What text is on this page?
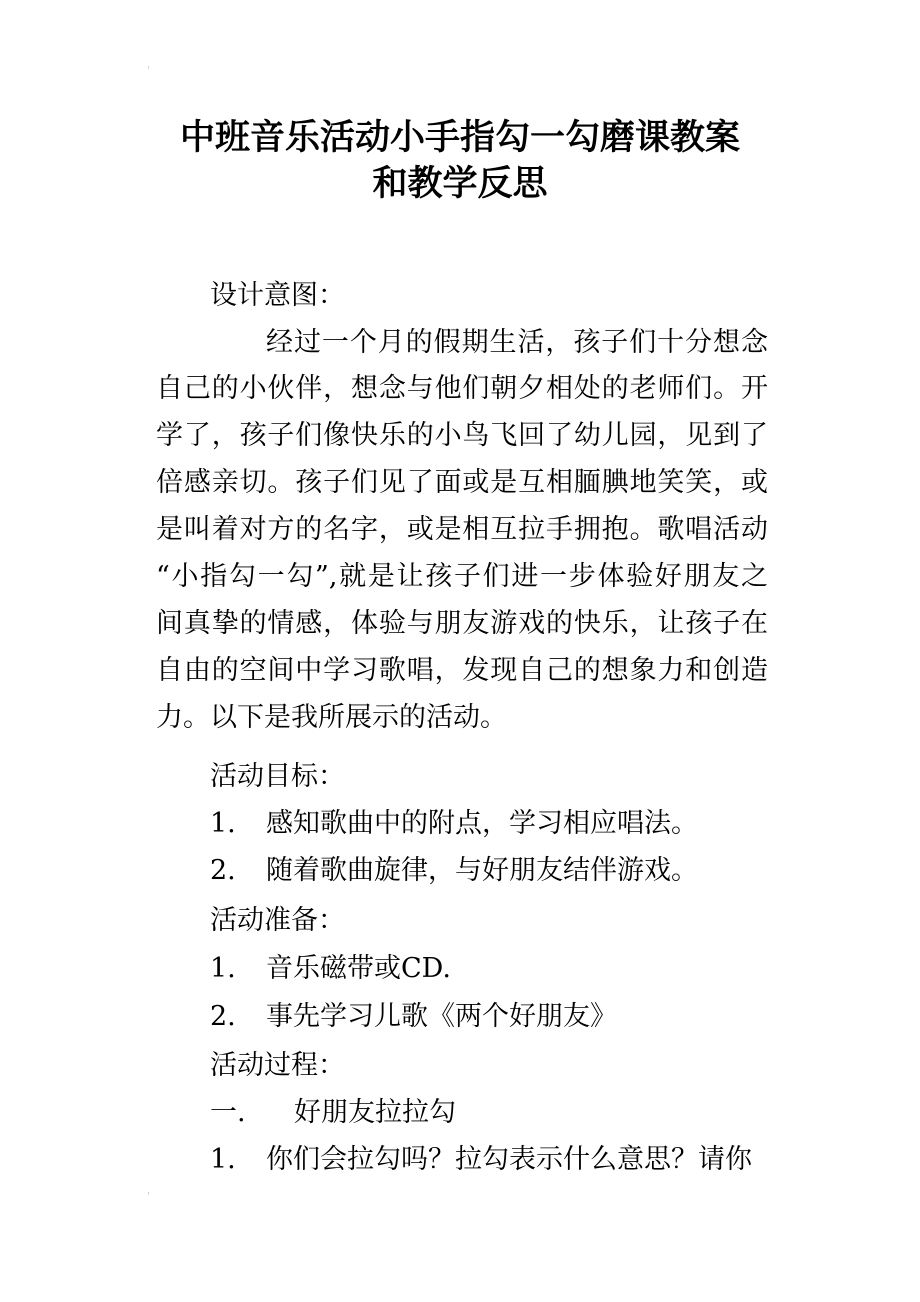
'
中班音乐活动小手指勾一勾磨课教案
和教学反思
设计意图：
经过一个月的假期生活，孩子们十分想念
自己的小伙伴，想念与他们朝夕相处的老师们。开
学了，孩子们像快乐的小鸟飞回了幼儿园，见到了
倍感亲切。孩子们见了面或是互相腼腆地笑笑，或
是叫着对方的名字，或是相互拉手拥抱。歌唱活动
“小指勾一勾”,就是让孩子们进一步体验好朋友之
间真挚的情感，体验与朋友游戏的快乐，让孩子在
自由的空间中学习歌唱，发现自己的想象力和创造
力。以下是我所展示的活动。
活动目标：
1. 感知歌曲中的附点，学习相应唱法。
2. 随着歌曲旋律，与好朋友结伴游戏。
活动准备：
1. 音乐磁带或CD.
2. 事先学习儿歌《两个好朋友》
活动过程：
一. 好朋友拉拉勾
1. 你们会拉勾吗？拉勾表示什么意思？请你
'
